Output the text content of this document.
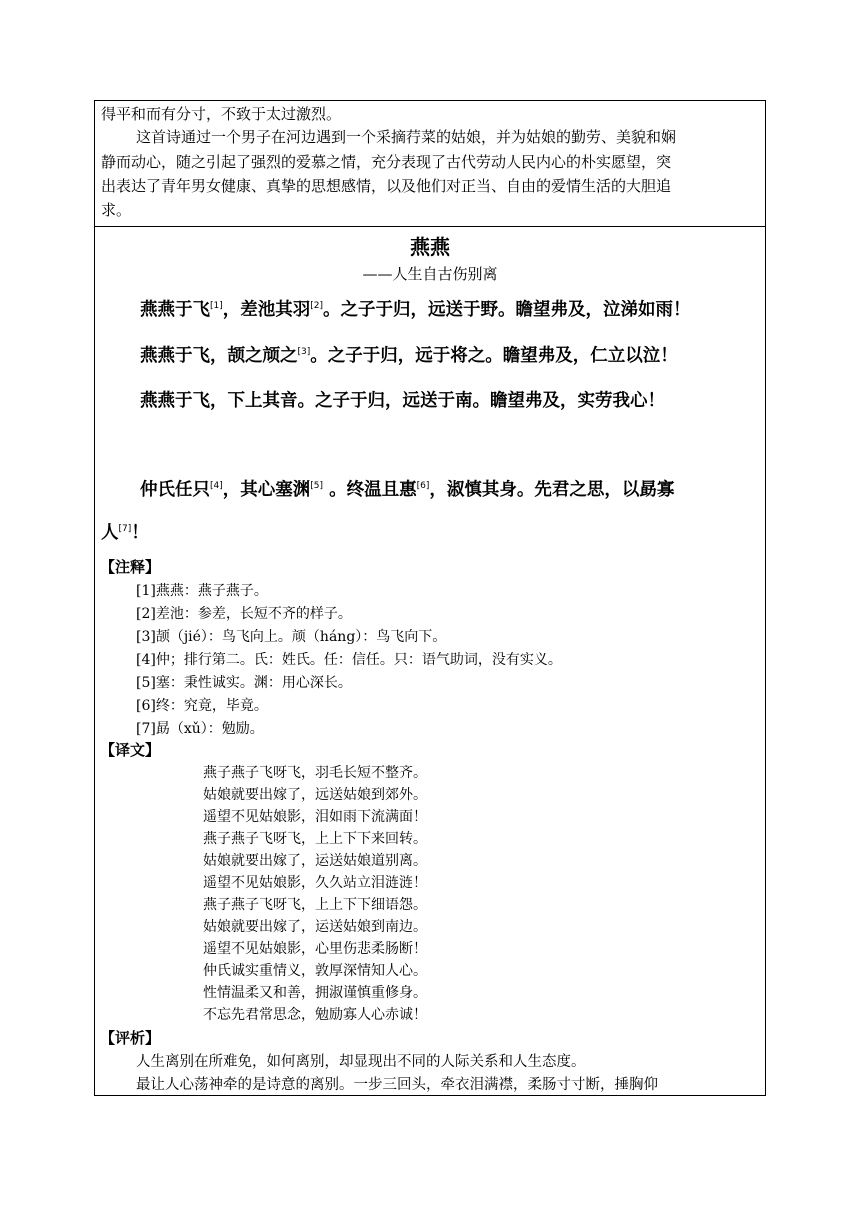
得平和而有分寸，不致于太过激烈。
这首诗通过一个男子在河边遇到一个采摘荇菜的姑娘，并为姑娘的勤劳、美貌和娴
静而动心，随之引起了强烈的爱慕之情，充分表现了古代劳动人民内心的朴实愿望，突
出表达了青年男女健康、真挚的思想感情，以及他们对正当、自由的爱情生活的大胆追
求。
燕燕
——人生自古伤别离
燕燕于飞[1]，差池其羽[2]。之子于归，远送于野。瞻望弗及，泣涕如雨！
燕燕于飞，颉之颃之[3]。之子于归，远于将之。瞻望弗及，仁立以泣！
燕燕于飞，下上其音。之子于归，远送于南。瞻望弗及，实劳我心！
仲氏任只[4]，其心塞渊[5] 。终温且惠[6]，淑慎其身。先君之思，以勗寡
人[7]！
【注释】
[1]燕燕：燕子燕子。
[2]差池：参差，长短不齐的样子。
[3]颉（jié）：鸟飞向上。颃（háng）：鸟飞向下。
[4]仲；排行第二。氏：姓氏。任：信任。只：语气助词，没有实义。
[5]塞：秉性诚实。渊：用心深长。
[6]终：究竟，毕竟。
[7]勗（xǔ）：勉励。
【译文】
燕子燕子飞呀飞，羽毛长短不整齐。
姑娘就要出嫁了，远送姑娘到郊外。
遥望不见姑娘影，泪如雨下流满面！
燕子燕子飞呀飞，上上下下来回转。
姑娘就要出嫁了，运送姑娘道别离。
遥望不见姑娘影，久久站立泪涟涟！
燕子燕子飞呀飞，上上下下细语怨。
姑娘就要出嫁了，运送姑娘到南边。
遥望不见姑娘影，心里伤悲柔肠断！
仲氏诚实重情义，敦厚深情知人心。
性情温柔又和善，拥淑谨慎重修身。
不忘先君常思念，勉励寡人心赤诚！
【评析】
人生离别在所难免，如何离别，却显现出不同的人际关系和人生态度。
最让人心荡神牵的是诗意的离别。一步三回头，牵衣泪满襟，柔肠寸寸断，捶胸仰
